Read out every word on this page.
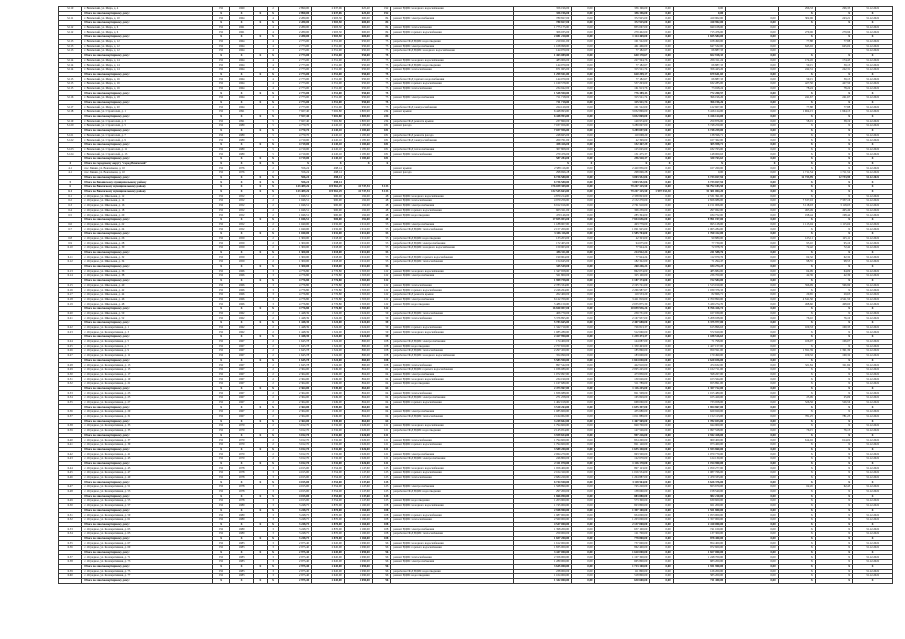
3.110	г. Вяземский, ул. Мира, д. 4	РО	1969		2	2 890,00	2 637,06	625,40	192	ремонт ВДИС холодного водоснабжения	356 196,00	0,00	356 196,00	0,00	0,00		296,33	296,33	31.12.2022
	Итого по многоквартирному дому:	X	X	X	X	2 890,00	2 637,06	625,40	192		356 196,00	0,00	356 196,00	0,00	0,00		X	X	X
3.111	г. Вяземский, ул. Мира, д. 10	РО	1964		4	2 280,00	1 903,50	600,00	84	ремонт ВДИС электроснабжения	780 827,00	0,00	372 925,00	0,00	410 902,00	0,00	302,06	243,21	31.12.2022
	Итого по многоквартирному дому:	X	X	X	X	2 280,00	1 903,50	600,00	84		780 827,00	0,00	372 925,00	0,00	410 902,00	0,00	X	X	X
3.112	г. Вяземский, ул. Мира, д. 6	РО	1961		4	2 280,00	1 903,50	600,00	84	ремонт ВДИС теплоснабжения	1 775 175,00	0,00	835 067,00	0,00	940 108,00	0,00			31.12.2022
3.112	г. Вяземский, ул. Мира, д. 6	РО	1961		4	2 280,00	1 903,50	600,00	84	ремонт ВДИС горячего водоснабжения	306 035,00	0,00	279 402,00	0,00	715 476,00	0,00	279,96	279,96	31.12.2022
	Итого по многоквартирному дому:	X	X	X	X	2 280,00	1 903,50	600,00	84		2 081 210,00	0,00	1 114 469,00	0,00	1 655 584,00	0,00	X	X	X
3.113	г. Вяземский, ул. Мира, д. 12	РО	1964		4	2 773,00	2 551,00	950,00	75	разработка ПСД ВДИС водоотведения	210 021,00	0,00	101 522,00	0,00	108 499,00	0,00	77,88	77,88	31.12.2022
3.113	г. Вяземский, ул. Мира, д. 12	РО	1964		4	2 773,00	2 551,00	950,00	75	ремонт ВДИС электроснабжения	1 108 998,00	0,00	461 466,00	0,00	647 532,00	0,00	645,02	645,02	31.12.2022
3.113	г. Вяземский, ул. Мира, д. 12	РО	1964		4	2 773,00	2 551,00	950,00	75	разработка ПСД ВДИС холодного водоснабжения	144 070,00	0,00	77 182,67	0,00	66 887,33	0,00			31.12.2022
	Итого по многоквартирному дому:	X	X	X	X	2 773,00	2 551,00	950,00	75		1 463 089,00	0,00	640 170,67	0,00	822 918,33	0,00	X	X	X
3.114	г. Вяземский, ул. Мира, д. 14	РО	1964		4	2 773,00	2 551,00	950,00	75	ремонт ВДИС холодного водоснабжения	483 906,00	0,00	227 594,76	0,00	256 311,24	0,00	174,45	174,45	31.12.2022
3.114	г. Вяземский, ул. Мира, д. 14	РО	1964		4	2 773,00	2 551,00	950,00	75	разработка ПСД ВДИС водоотведения	144 070,00	0,00	77 182,67	0,00	66 887,33	0,00	59,15	59,15	31.12.2022
3.114	г. Вяземский, ул. Мира, д. 14	РО	1964		4	2 773,00	2 551,00	950,00	75	ремонт ВДИС теплоснабжения	671 965,00	0,00	315 521,74	0,00	356 443,26	0,00	242,31	242,31	31.12.2022
	Итого по многоквартирному дому:	X	X	X	X	2 773,00	2 551,00	950,00	75		1 299 941,00	0,00	620 299,17	0,00	679 641,83	0,00	X	X	X
3.115	г. Вяземский, ул. Мира, д. 16	РО	1964		4	2 773,00	2 551,00	950,00	75	разработка ПСД горячего водоснабжения	144 070,00	0,00	77 182,67	0,00	66 887,33	0,00	59,15	59,15	31.12.2022
3.115	г. Вяземский, ул. Мира, д. 16	РО	1964		4	2 773,00	2 551,00	950,00	75	ремонт ВДИС горячего водоснабжения	1 169 578,00	0,00	537 293,00	0,00	632 285,00	0,00	427,50	427,50	31.12.2022
3.115	г. Вяземский, ул. Мира, д. 16	РО	1964		4	2 773,00	2 551,00	950,00	75	ремонт ВДИС теплоснабжения	234 942,00	0,00	161 913,76	0,00	73 028,24	0,00	78,24	78,24	31.12.2022
	Итого по многоквартирному дому:	X	X	X	X	2 773,00	2 551,00	950,00	75		1 548 590,00	0,00	776 389,43	0,00	772 200,57	0,00	X	X	X
3.116	г. Вяземский, ул. Мира, д. 18	РО	1964		4	2 773,00	2 551,00	950,00	75	ремонт ВДИС электроснабжения	711 718,00	0,00	315 521,74	0,00	396 196,26	0,00	241,67	241,67	31.12.2022
	Итого по многоквартирному дому:	X	X	X	X	2 773,00	2 551,00	950,00	75		711 718,00	0,00	315 521,74	0,00	396 196,26	0,00	X	X	X
3.117	г. Вяземский, ул. Мира, д. 20	РО	1964		4	2 773,00	2 551,00	950,00	75	разработка ПСД электроснабжения	224 129,00	0,00	101 522,00	0,00	122 607,00	0,00	77,88	77,88	31.12.2022
3.118	г. Вяземский, ул. Строителей, д. 1	РО	1991		5	7 927,40	7 002,80	1 805,90	234	ремонт крыши	6 448 993,00	0,00	3 032 869,00	0,00	3 416 124,00	0,00	1 964,15	1 964,15	31.12.2022
	Итого по многоквартирному дому:	X	X	X	X	7 927,40	7 002,80	1 805,90	234		6 448 993,00	0,00	3 032 869,00	0,00	3 416 124,00	0,00	X	X	X
3.119	г. Вяземский, ул. Строителей, д. 3	РО	1991		5	7 927,40	7 002,80	1 805,90	234	разработка ПСД ремонта крыши	237 860,00	0,00	149 974,00	0,00	250 876,00	0,00	58,19	58,19	31.12.2022
3.120	г. Вяземский, ул. Строителей, д. 5	РО	1989		5	4 770,70	4 245,10	1 185,60	181	ремонт фасада	7 037 956,00	0,00	3 289 697,00	0,00	3 748 259,00	0,00	X	X	31.12.2022
	Итого по многоквартирному дому:	X	X	X	X	4 770,70	4 245,10	1 185,60	181		7 037 956,00	0,00	3 289 697,00	0,00	3 748 259,00	0,00	X	X	X
3.121	г. Вяземский, ул. Строителей, д. 7	РО	1989		5	4 770,70	4 245,10	1 185,60	181	разработка ПСД ремонта фасада	248 665,00	0,00	110 068,29	0,00	138 596,71	0,00	X	X	31.12.2022
3.122	г. Вяземский, ул. Строителей, д. 9	РО	1989		5	4 719,00	4 245,10	1 185,60	181	разработка ПСД электроснабжения	209 761,00	0,00	42 399,00	0,00	167 362,00	0,00	X	X	31.12.2022
	Итого по многоквартирному дому:	X	X	X	X	4 719,00	4 245,10	1 185,60	181		458 426,00	0,00	152 467,29	0,00	305 958,71	0,00	X	X	X
3.123	г. Вяземский, ул. Строителей, д. 11	РО	1989		5	4 719,00	4 245,10	1 185,60	181	разработка ПСД теплоснабжения	307 808,00	0,00	125 045,00	0,00	182 763,00	0,00	X	X	31.12.2022
3.124	г. Вяземский, ул. Строителей, д. 13	РО	1989		5	4 719,00	4 245,10	1 185,60	181	ремонт ВДИС теплоснабжения	279 476,00	0,00	131 475,37	0,00	148 000,63	0,00	X	X	31.12.2022
	Итого по многоквартирному дому:	X	X	X	X	4 719,00	4 245,10	1 185,60	181		587 284,00	0,00	256 520,37	0,00	330 763,63	0,00	X	X	X
4	Итого по городскому округу "город Вяземский"	X	X	X	X	X	X	X	X		X	X	X	X	X	X	X	X	X
4.1	пос. Бикин, ул. Вокзальная, д. 10	РО	1976		2	556,24	498,14			ремонт крыши	2 588 116,00	0,00	2 420 856,00	0,00	167 260,00	0,00	X	X	31.12.2022
4.1	пос. Бикин, ул. Вокзальная, д. 10	РО	1976		2	556,24	498,14			ремонт фасада	298 696,28	0,00	298 696,28	0,00	0,00	0,00	1 711,54	1 711,54	31.12.2022
	Итого по многоквартирному дому:	X	X	X	X	556,24	498,14				6 736 580,00	0,00	3 003 552,06	0,00	3 733 027,94	0,00	12 733,99	12 733,99	31.12.2022
5	Итого по Бикинскому муниципальному району	X	X	X	X	556,24	498,14				6 736 580,00	0,00	3 003 552,06	0,00	3 733 027,94	0,00	X	X	X
6	Итого по Вяземскому муниципальному району	X	X	X	X	143 489,26	119 962,29	41 747,53	5 133		176 039 309,00	0,00	79 247 125,50	0,00	96 792 183,50	0,00	X	X	X
6.1	Итого по Вяземскому муниципальному району	X	X	X	X	143 489,26	119 962,29	41 747,53	5 133		132 545 663,00	0,00	79 247 125,50	1 997 533,30	51 301 004,20	0,00	X	X	X
6.1	с. Отрадное, ул. Школьная, д. 12	РО	1952		2	1 046,51	900,00	192,00	48	ремонт ВДИС холодного водоснабжения	4 870 214,00	0,00	2 338 823,00	0,00	2 531 391,00	0,00	X	X	31.12.2022
6.2	с. Отрадное, ул. Школьная, д. 14	РО	1952		2	1 046,51	900,00	192,00	48	ремонт ВДИС теплоснабжения	4 979 256,00	0,00	2 152 270,00	0,00	2 826 986,00	0,00	7 337,16	7 337,16	31.12.2022
6.3	с. Отрадное, ул. Школьная, д. 16	РО	1952		2	1 046,51	900,00	192,00	48	ремонт ВДИС электроснабжения	6 912 916,00	0,00	2 761 910,00	0,00	4 151 006,00	0,00	3 118,03	3 118,03	31.12.2022
6.4	с. Отрадное, ул. Школьная, д. 18	РО	1952		2	1 046,51	900,00	192,00	48	ремонт ВДИС горячего водоснабжения	603 321,00	0,00	306 259,00	0,00	297 062,00	0,00	495,49	495,49	31.12.2022
6.5	с. Отрадное, ул. Школьная, д. 20	РО	1952		2	1 046,51	900,00	192,00	48	ремонт ВДИС водоотведения	470 146,00	0,00	285 394,00	0,00	184 752,00	0,00	198,44	198,44	31.12.2022
	Итого по многоквартирному дому:	X	X	X	X	1 046,51	900,00	192,00	48		17 835 853,00	0,00	7 844 656,00	0,00	9 991 197,00	0,00	X	X	X
6.6	с. Отрадное, ул. Школьная, д. 22	РО	1952		2	1 040,00	1 032,00	1 012,00	53	ремонт ВДИС электроснабжения	1 188 907,00	0,00	493 779,00	0,00	695 128,00	0,00	1 115,04	1 115,04	31.12.2022
6.7	с. Отрадное, ул. Школьная, д. 24	РО	1952		2	1 040,00	1 032,00	1 012,00	53	разработка ПСД ВДИС теплоснабжения	2 157 209,00	0,00	1 091 925,00	0,00	1 065 284,00	0,00	X	X	31.12.2022
	Итого по многоквартирному дому:	X	X	X	X	1 040,00	1 032,00	1 012,00	53		3 346 116,00	0,00	1 585 704,00	0,00	1 760 412,00	0,00	X	X	X
6.8	с. Отрадное, ул. Школьная, д. 26	РО	1959		2	1 300,00	1 018,00	1 012,00	53	разработка ПСД ВДИС водоотведения	133 203,00	0,00	42 323,00	0,00	90 880,00	0,00	125,11	125,11	31.12.2022
6.9	с. Отрадное, ул. Школьная, д. 28	РО	1959		2	1 300,00	1 018,00	1 012,00	53	разработка ПСД ВДИС электроснабжения	172 405,00	0,00	94 675,00	0,00	77 730,00	0,00	95,10	95,10	31.12.2022
6.10	с. Отрадное, ул. Школьная, д. 30	РО	1959		2	1 300,00	1 018,00	1 012,00	53	разработка ПСД ВДИС холодного водоснабжения	150 903,00	0,00	77 924,24	0,00	72 978,76	0,00	72,42	72,42	31.12.2022
	Итого по многоквартирному дому:	X	X	X	X	1 300,00	1 018,00	1 012,00	53		456 511,00	0,00	214 922,24	0,00	241 588,76	0,00	X	X	X
6.11	с. Отрадное, ул. Школьная, д. 32	РО	1959		2	1 300,00	1 018,00	1 012,00	53	разработка ПСД ВДИС горячего водоснабжения	190 904,00	0,00	77 924,24	0,00	112 979,76	0,00	62,32	62,32	31.12.2022
6.12	с. Отрадное, ул. Школьная, д. 34	РО	1959		2	1 300,00	1 018,00	1 012,00	53	разработка ПСД ВДИС теплоснабжения	154 645,00	0,00	182 322,00	0,00	71 294,47	0,00	98,55	98,55	31.12.2022
	Итого по многоквартирному дому:	X	X	X	X	1 300,00	1 018,00	1 012,00	53		345 549,00	0,00	260 246,24	0,00	184 274,23	0,00	X	X	X
6.13	с. Отрадное, ул. Школьная, д. 36	РО	1966		3	4 776,80	4 776,80	1 503,00	122	ремонт ВДИС холодного водоснабжения	1 347 958,00	0,00	862 074,00	0,00	485 884,00	0,00	64,09	64,09	31.12.2022
6.14	с. Отрадное, ул. Школьная, д. 38	РО	1966		3	4 776,80	4 776,80	1 503,00	122	ремонт ВДИС электроснабжения	561 800,00	0,00	325 100,00	0,00	236 700,00	0,00	42,39	42,39	31.12.2022
	Итого по многоквартирному дому:	X	X	X	X	4 776,80	4 776,80	1 503,00	122		1 909 758,00	0,00	1 187 174,00	0,00	722 584,00	0,00	X	X	X
6.15	с. Отрадное, ул. Школьная, д. 40	РО	1966		3	4 776,80	4 776,80	1 503,00	122	ремонт ВДИС теплоснабжения	2 783 334,00	0,00	2 195 721,00	0,00	1 513 019,00	0,00	596,99	596,99	31.12.2022
6.16	с. Отрадное, ул. Школьная, д. 42	РО	1966		3	4 776,80	4 776,80	1 503,00	122	ремонт ВДИС горячего водоснабжения	2 246 264,00	0,00	2 266 987,67	0,00	1 039 376,33	0,00	X	X	31.12.2022
6.17	с. Отрадное, ул. Школьная, д. 44	РО	1966		3	4 776,80	4 776,80	1 503,00	122	разработка ПСД ремонта крыши	202 400,00	0,00	119 533,29	0,00	82 866,71	0,00	29,65	29,65	31.12.2022
6.18	с. Отрадное, ул. Школьная, д. 46	РО	1966		3	4 776,80	4 776,80	1 503,00	122	ремонт ВДИС электроснабжения	6 122 709,00	0,00	3 421 819,00	0,00	2 700 890,00	0,00	4 541,50	4 541,50	31.12.2022
6.19	с. Отрадное, ул. Школьная, д. 48	РО	1966		3	4 776,80	4 776,80	1 503,00	122	ремонт ВДИС водоотведения	5 486 150,00	0,00	2 055 875,30	0,00	3 430 274,70	0,00	498,60	498,60	31.12.2022
	Итого по многоквартирному дому:	X	X	X	X	4 776,80	4 776,80	1 503,00	122		16 840 857,00	0,00	10 059 936,26	0,00	8 766 426,74	0,00	X	X	X
6.20	с. Отрадное, ул. Школьная, д. 50	РО	1962		2	1 448,39	1 324,00	1 024,00	59	разработка ПСД ВДИС теплоснабжения	406 770,00	0,00	239 731,00	0,00	167 039,00	0,00	X	X	31.12.2022
6.21	с. Отрадное, ул. Школьная, д. 52	РО	1962		2	1 448,39	1 324,00	1 024,00	59	ремонт ВДИС теплоснабжения	5 376 895,00	0,00	2 167 957,00	0,00	3 208 938,00	0,00	76,10	76,10	31.12.2022
	Итого по многоквартирному дому:	X	X	X	X	1 448,39	1 324,00	1 024,00	59		5 783 665,00	0,00	2 407 688,00	0,00	3 375 977,00	0,00	X	X	X
6.22	с. Отрадное, ул. Кооперативная, д. 1	РО	1962		2	1 448,39	1 324,00	1 024,00	59	ремонт ВДИС горячего водоснабжения	1 342 710,00	0,00	726 813,37	0,00	615 896,63	0,00	100,33	100,33	31.12.2022
6.23	с. Отрадное, ул. Кооперативная, д. 3	РО	1962		2	1 448,39	1 324,00	1 024,00	59	ремонт ВДИС холодного водоснабжения	1 085 280,00	0,00	512 660,00	0,00	572 620,00	0,00	X	X	31.12.2022
	Итого по многоквартирному дому:	X	X	X	X	1 448,39	1 324,00	1 024,00	59		2 427 990,00	0,00	1 239 473,37	0,00	1 188 516,63	0,00	X	X	X
6.24	с. Отрадное, ул. Кооперативная, д. 5	РО	1967		2	1 645,78	1 524,00	860,00	108	разработка ПСД ВДИС электроснабжения	174 400,00	0,00	144 087,00	0,00	71 798,00	0,00	106,07	106,07	31.12.2022
6.25	с. Отрадное, ул. Кооперативная, д. 7	РО	1967		2	1 645,78	1 524,00	860,00	108	ремонт ВДИС водоотведения	2 757 650,00	0,00	1 330 493,00	0,00	1 427 157,00	0,00	X	X	31.12.2022
6.26	с. Отрадное, ул. Кооперативная, д. 9	РО	1967		2	1 645,78	1 524,00	860,00	108	разработка ПСД ВДИС теплоснабжения	2 297 450,00	0,00	185 860,00	0,00	950 591,00	0,00	1 391,39	1 391,39	31.12.2022
6.27	с. Отрадное, ул. Кооперативная, д. 11	РО	1967		2	1 645,78	1 524,00	860,00	108	разработка ПСД ВДИС холодного водоснабжения	354 090,00	0,00	183 600,00	0,00	170 490,00	0,00	100,32	100,32	31.12.2022
	Итого по многоквартирному дому:	X	X	X	X	1 645,78	1 524,00	860,00	108		5 583 590,00	0,00	1 844 040,00	0,00	2 620 036,00	0,00	X	X	X
6.28	с. Отрадное, ул. Кооперативная, д. 13	РО	1967		2	1 645,78	1 524,00	860,00	108	ремонт ВДИС теплоснабжения	897 542,00	0,00	422 910,00	0,00	474 632,00	0,00	321,84	321,84	31.12.2022
6.29	с. Отрадное, ул. Кооперативная, д. 15	РО	1967		2	2 364,00	1 949,00	864,00	64	разработка ПСД ВДИС горячего водоснабжения	1 036 089,00	0,00	2 095 245,00	0,00	1 102 711,00	0,00	X	X	31.12.2022
6.30	с. Отрадное, ул. Кооперативная, д. 17	РО	1967		2	2 364,00	1 949,00	864,00	64	ремонт ВДИС электроснабжения	1 072 097,00	0,00	473 830,00	0,00	598 267,00	0,00	X	X	31.12.2022
6.31	с. Отрадное, ул. Кооперативная, д. 19	РО	1967		2	2 364,00	1 949,00	864,00	64	ремонт ВДИС холодного водоснабжения	234 190,00	0,00	130 626,00	0,00	103 564,00	0,00	X	X	31.12.2022
6.32	с. Отрадное, ул. Кооперативная, д. 21	РО	1967		2	2 364,00	1 949,00	864,00	64	ремонт ВДИС водоотведения	1 167 680,00	0,00	511 789,00	0,00	655 891,00	0,00	X	X	31.12.2022
	Итого по многоквартирному дому:	X	X	X	X	2 364,00	1 949,00	864,00	64		2 473 967,00	0,00	1 116 245,00	0,00	1 357 722,00	0,00	X	X	X
6.33	с. Отрадное, ул. Кооперативная, д. 23	РО	1967		2	2 364,00	1 949,00	864,00	64	ремонт ВДИС теплоснабжения	1 836 988,00	0,00	821 508,00	0,00	1 015 480,00	0,00	X	X	31.12.2022
6.34	с. Отрадное, ул. Кооперативная, д. 25	РО	1967		2	2 364,00	1 949,00	864,00	64	разработка ПСД ВДИС электроснабжения	271 258,00	0,00	165 829,00	0,00	105 429,00	0,00	25,09	25,09	31.12.2022
6.35	с. Отрадное, ул. Кооперативная, д. 27	РО	1967		2	2 364,00	1 949,00	864,00	64	ремонт ВДИС горячего водоснабжения	1 402 018,00	0,00	668 060,00	0,00	733 958,00	0,00	526,56	526,56	31.12.2022
	Итого по многоквартирному дому:	X	X	X	X	2 364,00	1 949,00	864,00	64		3 510 264,00	0,00	1 655 397,00	0,00	1 854 867,00	0,00	X	X	X
6.36	с. Отрадное, ул. Кооперативная, д. 29	РО	1967		2	2 364,00	1 949,00	864,00	64	ремонт ВДИС электроснабжения	1 085 600,00	0,00	455 680,00	0,00	629 920,00	0,00	X	X	31.12.2022
6.37	с. Отрадное, ул. Кооперативная, д. 31	РО	1967		2	2 364,00	1 949,00	864,00	64	разработка ПСД ВДИС теплоснабжения	2 164 002,00	0,00	1 011 889,00	0,00	1 152 113,00	0,00	781,25	781,25	31.12.2022
	Итого по многоквартирному дому:	X	X	X	X	2 364,00	1 949,00	864,00	64		3 249 602,00	0,00	1 467 569,00	0,00	1 782 033,00	0,00	X	X	X
6.38	с. Отрадное, ул. Кооперативная, д. 33	РО	1970		2	3 012,70	2 532,00	1 026,00	121	ремонт ВДИС холодного водоснабжения	1 794 600,00	0,00	849 700,00	0,00	944 900,00	0,00	X	X	31.12.2022
6.39	с. Отрадное, ул. Кооперативная, д. 35	РО	1970		2	3 012,70	2 532,00	1 026,00	121	разработка ПСД ВДИС водоотведения	2 145 054,00	0,00	147 526,00	0,00	1 997 528,00	0,00	76,15	76,15	31.12.2022
	Итого по многоквартирному дому:	X	X	X	X	3 012,70	2 532,00	1 026,00	121		3 939 654,00	0,00	997 226,00	0,00	2 942 428,00	0,00	X	X	X
6.40	с. Отрадное, ул. Кооперативная, д. 37	РО	1970		2	3 012,70	2 532,00	1 026,00	121	ремонт ВДИС теплоснабжения	1 794 600,00	0,00	834 200,00	0,00	960 400,00	0,00	614,02	614,02	31.12.2022
6.41	с. Отрадное, ул. Кооперативная, д. 39	РО	1970		2	3 012,70	2 532,00	1 026,00	121	ремонт ВДИС горячего водоснабжения	1 794 600,00	0,00	821 140,00	0,00	973 460,00	0,00	X	X	31.12.2022
	Итого по многоквартирному дому:	X	X	X	X	3 012,70	2 532,00	1 026,00	121		3 589 200,00	0,00	1 655 340,00	0,00	1 933 860,00	0,00	X	X	X
6.42	с. Отрадное, ул. Кооперативная, д. 41	РО	1970		2	3 012,70	2 532,00	1 026,00	121	ремонт ВДИС электроснабжения	2 064 270,00	0,00	993 500,00	0,00	1 070 770,00	0,00	X	X	31.12.2022
6.43	с. Отрадное, ул. Кооперативная, д. 43	РО	1970		2	3 012,70	2 532,00	1 026,00	121	разработка ПСД ВДИС электроснабжения	246 800,00	0,00	122 670,00	0,00	124 130,00	0,00	X	X	31.12.2022
	Итого по многоквартирному дому:	X	X	X	X	3 012,70	2 532,00	1 026,00	121		2 311 070,00	0,00	1 116 170,00	0,00	1 194 900,00	0,00	X	X	X
6.44	с. Отрадное, ул. Кооперативная, д. 45	РО	1978		3	4 015,00	3 554,00	1 147,60	125	ремонт ВДИС холодного водоснабжения	1 956 400,00	0,00	897 123,00	0,00	1 059 277,00	0,00	X	X	31.12.2022
6.45	с. Отрадное, ул. Кооперативная, д. 47	РО	1978		3	4 015,00	3 554,00	1 147,60	125	ремонт ВДИС горячего водоснабжения	2 104 320,00	0,00	1 016 554,00	0,00	1 087 766,00	0,00	X	X	31.12.2022
6.46	с. Отрадное, ул. Кооперативная, д. 49	РО	1978		3	4 015,00	3 554,00	1 147,60	125	ремонт ВДИС теплоснабжения	2 684 220,00	0,00	1 204 887,00	0,00	1 479 333,00	0,00	X	X	31.12.2022
	Итого по многоквартирному дому:	X	X	X	X	4 015,00	3 554,00	1 147,60	125		6 744 940,00	0,00	3 118 564,00	0,00	3 626 376,00	0,00	X	X	X
6.47	с. Отрадное, ул. Кооперативная, д. 51	РО	1978		3	4 015,00	3 554,00	1 147,60	125	ремонт ВДИС электроснабжения	1 568 890,00	0,00	745 220,00	0,00	823 670,00	0,00	62,45	62,45	31.12.2022
6.48	с. Отрадное, ул. Кооперативная, д. 53	РО	1978		3	4 015,00	3 554,00	1 147,60	125	разработка ПСД ВДИС водоотведения	297 200,00	0,00	138 660,00	0,00	158 540,00	0,00	X	X	31.12.2022
	Итого по многоквартирному дому:	X	X	X	X	4 015,00	3 554,00	1 147,60	125		1 866 090,00	0,00	883 880,00	0,00	982 210,00	0,00	X	X	X
6.49	с. Отрадное, ул. Кооперативная, д. 55	РО	1978		3	4 015,00	3 554,00	1 147,60	125	ремонт ВДИС водоотведения	1 203 900,00	0,00	573 300,00	0,00	630 600,00	0,00	X	X	31.12.2022
6.50	с. Отрадное, ул. Кооперативная, д. 57	РО	1980		3	3 248,75	2 870,00	1 160,00	108	ремонт ВДИС холодного водоснабжения	1 745 000,00	0,00	823 800,00	0,00	921 200,00	0,00	X	X	31.12.2022
	Итого по многоквартирному дому:	X	X	X	X	3 248,75	2 870,00	1 160,00	108		2 948 900,00	0,00	1 397 100,00	0,00	1 551 800,00	0,00	X	X	X
6.51	с. Отрадное, ул. Кооперативная, д. 59	РО	1980		3	3 248,75	2 870,00	1 160,00	108	ремонт ВДИС горячего водоснабжения	1 987 000,00	0,00	934 000,00	0,00	1 053 000,00	0,00	X	X	31.12.2022
6.52	с. Отрадное, ул. Кооперативная, д. 61	РО	1980		3	3 248,75	2 870,00	1 160,00	108	ремонт ВДИС теплоснабжения	2 560 000,00	0,00	1 203 000,00	0,00	1 357 000,00	0,00	X	X	31.12.2022
	Итого по многоквартирному дому:	X	X	X	X	3 248,75	2 870,00	1 160,00	108		4 547 000,00	0,00	2 137 000,00	0,00	2 410 000,00	0,00	X	X	X
6.53	с. Отрадное, ул. Кооперативная, д. 63	РО	1980		3	3 248,75	2 870,00	1 160,00	108	ремонт ВДИС электроснабжения	1 398 200,00	0,00	657 100,00	0,00	741 100,00	0,00	X	X	31.12.2022
6.54	с. Отрадное, ул. Кооперативная, д. 65	РО	1980		3	3 248,75	2 870,00	1 160,00	108	разработка ПСД ВДИС теплоснабжения	259 000,00	0,00	121 700,00	0,00	137 300,00	0,00	X	X	31.12.2022
	Итого по многоквартирному дому:	X	X	X	X	3 248,75	2 870,00	1 160,00	108		1 657 200,00	0,00	778 800,00	0,00	878 400,00	0,00	X	X	X
6.55	с. Отрадное, ул. Кооперативная, д. 67	РО	1983		3	2 975,40	2 645,00	1 090,00	96	ремонт ВДИС холодного водоснабжения	1 612 000,00	0,00	757 600,00	0,00	854 400,00	0,00	X	X	31.12.2022
6.56	с. Отрадное, ул. Кооперативная, д. 69	РО	1983		3	2 975,40	2 645,00	1 090,00	96	ремонт ВДИС горячего водоснабжения	1 835 000,00	0,00	862 400,00	0,00	972 600,00	0,00	X	X	31.12.2022
	Итого по многоквартирному дому:	X	X	X	X	2 975,40	2 645,00	1 090,00	96		3 447 000,00	0,00	1 620 000,00	0,00	1 827 000,00	0,00	X	X	X
6.57	с. Отрадное, ул. Кооперативная, д. 71	РО	1983		3	2 975,40	2 645,00	1 090,00	96	ремонт ВДИС теплоснабжения	2 356 000,00	0,00	1 107 300,00	0,00	1 248 700,00	0,00	X	X	31.12.2022
6.58	с. Отрадное, ул. Кооперативная, д. 73	РО	1983		3	2 975,40	2 645,00	1 090,00	96	ремонт ВДИС электроснабжения	1 289 000,00	0,00	605 800,00	0,00	683 200,00	0,00	X	X	31.12.2022
	Итого по многоквартирному дому:	X	X	X	X	2 975,40	2 645,00	1 090,00	96		3 645 000,00	0,00	1 713 100,00	0,00	1 931 900,00	0,00	X	X	X
6.59	с. Отрадное, ул. Кооперативная, д. 75	РО	1983		3	2 975,40	2 645,00	1 090,00	96	разработка ПСД ВДИС водоотведения	238 000,00	0,00	111 800,00	0,00	126 200,00	0,00	X	X	31.12.2022
6.60	с. Отрадное, ул. Кооперативная, д. 77	РО	1983		3	2 975,40	2 645,00	1 090,00	96	ремонт ВДИС водоотведения	1 104 000,00	0,00	518 800,00	0,00	585 200,00	0,00	X	X	31.12.2022
	Итого по многоквартирному дому:	X	X	X	X	2 975,40	2 645,00	1 090,00	96		1 342 000,00	0,00	630 600,00	0,00	711 400,00	0,00	X	X	X
